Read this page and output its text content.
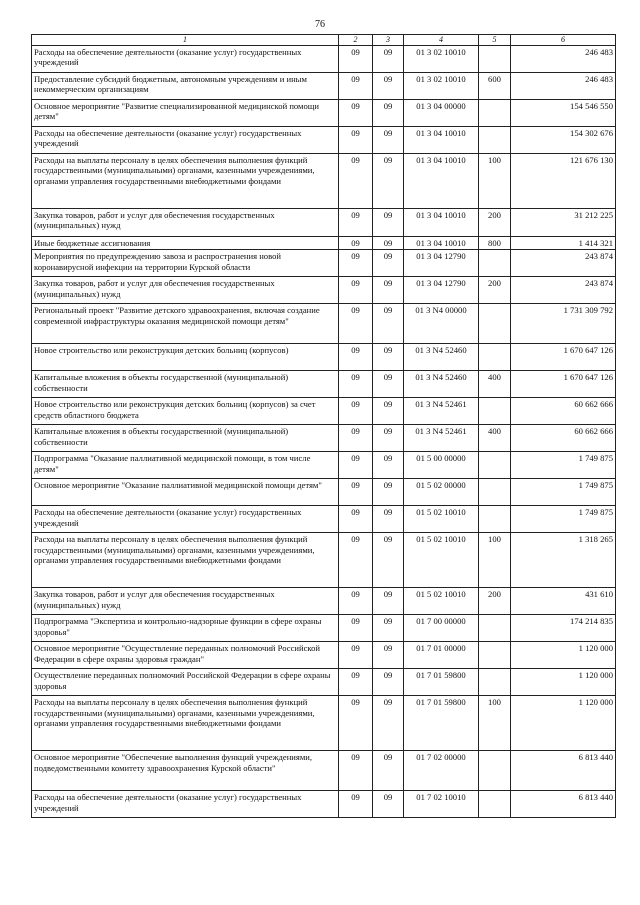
76
1	2	3	4	5	6
Расходы на обеспечение деятельности (оказание услуг) государственных учреждений	09	09	01 3 02 10010		246 483
Предоставление субсидий бюджетным, автономным учреждениям и иным некоммерческим организациям	09	09	01 3 02 10010	600	246 483
Основное мероприятие "Развитие специализированной медицинской помощи детям"	09	09	01 3 04 00000		154 546 550
Расходы на обеспечение деятельности (оказание услуг) государственных учреждений	09	09	01 3 04 10010		154 302 676
Расходы на выплаты персоналу в целях обеспечения выполнения функций государственными (муниципальными) органами, казенными учреждениями, органами управления государственными внебюджетными фондами	09	09	01 3 04 10010	100	121 676 130
Закупка товаров, работ и услуг для обеспечения государственных (муниципальных) нужд	09	09	01 3 04 10010	200	31 212 225
Иные бюджетные ассигнования	09	09	01 3 04 10010	800	1 414 321
Мероприятия по предупреждению завоза и распространения новой коронавирусной инфекции на территории Курской области	09	09	01 3 04 12790		243 874
Закупка товаров, работ и услуг для обеспечения государственных (муниципальных) нужд	09	09	01 3 04 12790	200	243 874
Региональный проект "Развитие детского здравоохранения, включая создание современной инфраструктуры оказания медицинской помощи детям"	09	09	01 3 N4 00000		1 731 309 792
Новое строительство или реконструкция детских больниц (корпусов)	09	09	01 3 N4 52460		1 670 647 126
Капитальные вложения в объекты государственной (муниципальной) собственности	09	09	01 3 N4 52460	400	1 670 647 126
Новое строительство или реконструкция детских больниц (корпусов) за счет средств областного бюджета	09	09	01 3 N4 52461		60 662 666
Капитальные вложения в объекты государственной (муниципальной) собственности	09	09	01 3 N4 52461	400	60 662 666
Подпрограмма "Оказание паллиативной медицинской помощи, в том числе детям"	09	09	01 5 00 00000		1 749 875
Основное мероприятие "Оказание паллиативной медицинской помощи детям"	09	09	01 5 02 00000		1 749 875
Расходы на обеспечение деятельности (оказание услуг) государственных учреждений	09	09	01 5 02 10010		1 749 875
Расходы на выплаты персоналу в целях обеспечения выполнения функций государственными (муниципальными) органами, казенными учреждениями, органами управления государственными внебюджетными фондами	09	09	01 5 02 10010	100	1 318 265
Закупка товаров, работ и услуг для обеспечения государственных (муниципальных) нужд	09	09	01 5 02 10010	200	431 610
Подпрограмма "Экспертиза и контрольно-надзорные функции в сфере охраны здоровья"	09	09	01 7 00 00000		174 214 835
Основное мероприятие "Осуществление переданных полномочий Российской Федерации в сфере охраны здоровья граждан"	09	09	01 7 01 00000		1 120 000
Осуществление переданных полномочий Российской Федерации в сфере охраны здоровья	09	09	01 7 01 59800		1 120 000
Расходы на выплаты персоналу в целях обеспечения выполнения функций государственными (муниципальными) органами, казенными учреждениями, органами управления государственными внебюджетными фондами	09	09	01 7 01 59800	100	1 120 000
Основное мероприятие "Обеспечение выполнения функций учреждениями, подведомственными комитету здравоохранения Курской области"	09	09	01 7 02 00000		6 813 440
Расходы на обеспечение деятельности (оказание услуг) государственных учреждений	09	09	01 7 02 10010		6 813 440
